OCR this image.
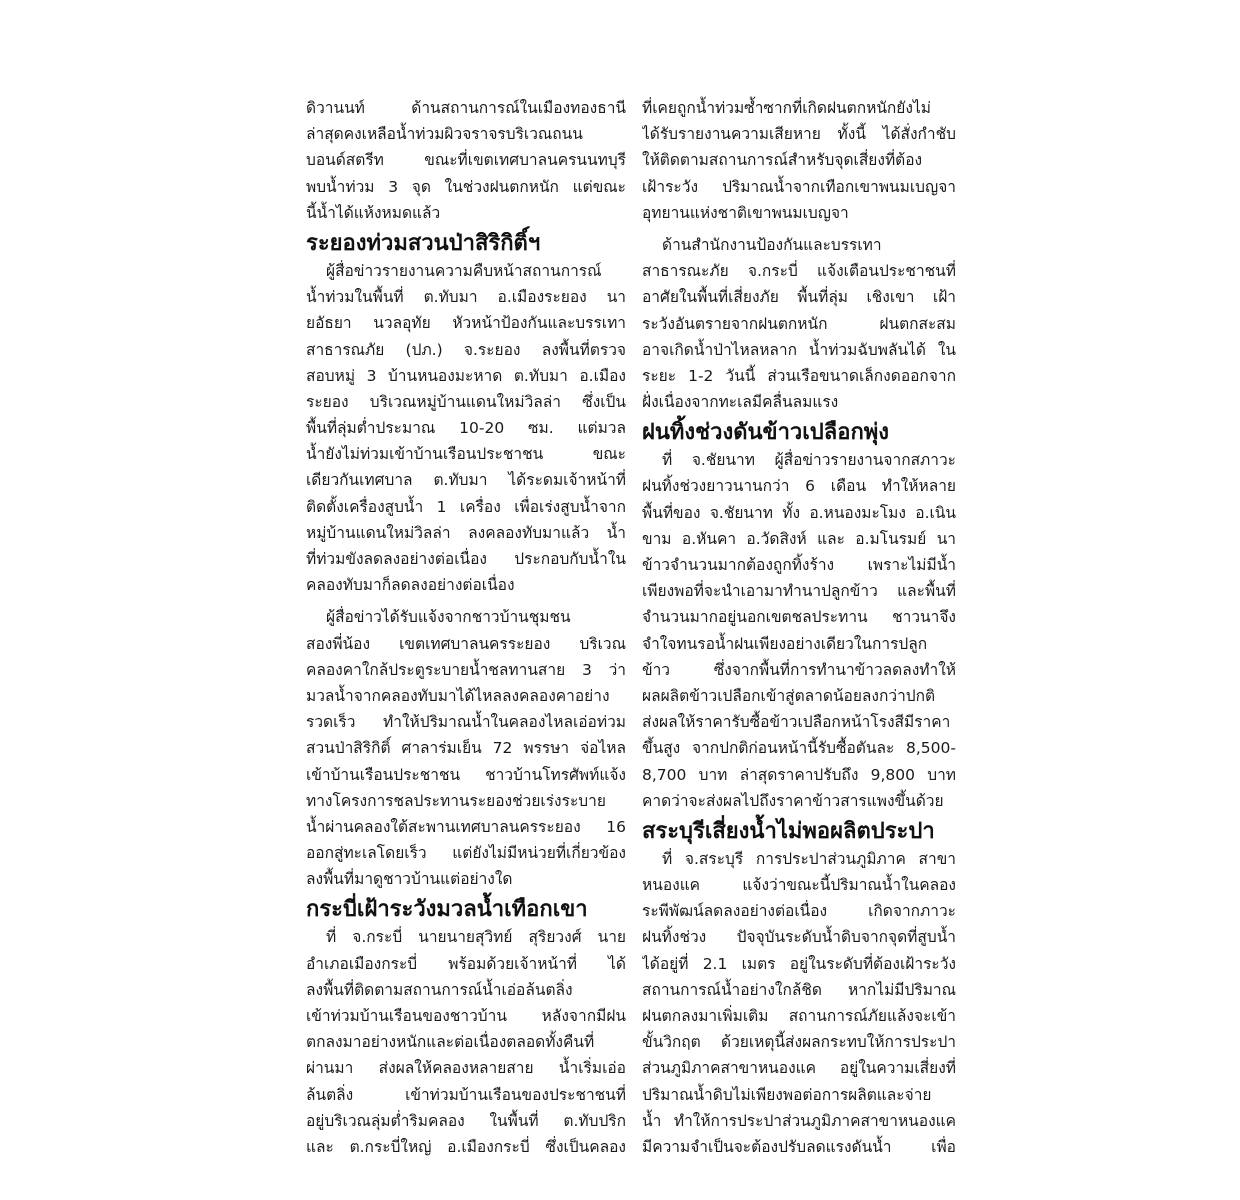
ดิวานนท์ ด้านสถานการณ์ในเมืองทองธานี
ล่าสุดคงเหลือน้ำท่วมผิวจราจรบริเวณถนน
บอนด์สตรีท ขณะที่เขตเทศบาลนครนนทบุรี
พบน้ำท่วม 3 จุด ในช่วงฝนตกหนัก แต่ขณะ
นี้น้ำได้แห้งหมดแล้ว
ระยองท่วมสวนป่าสิริกิติ์ฯ
ผู้สื่อข่าวรายงานความคืบหน้าสถานการณ์
น้ำท่วมในพื้นที่ ต.ทับมา อ.เมืองระยอง นา
ยอัธยา นวลอุทัย หัวหน้าป้องกันและบรรเทา
สาธารณภัย (ปภ.) จ.ระยอง ลงพื้นที่ตรวจ
สอบหมู่ 3 บ้านหนองมะหาด ต.ทับมา อ.เมือง
ระยอง บริเวณหมู่บ้านแดนใหม่วิลล่า ซึ่งเป็น
พื้นที่ลุ่มต่ำประมาณ 10-20 ซม. แต่มวล
น้ำยังไม่ท่วมเข้าบ้านเรือนประชาชน ขณะ
เดียวกันเทศบาล ต.ทับมา ได้ระดมเจ้าหน้าที่
ติดตั้งเครื่องสูบน้ำ 1 เครื่อง เพื่อเร่งสูบน้ำจาก
หมู่บ้านแดนใหม่วิลล่า ลงคลองทับมาแล้ว น้ำ
ที่ท่วมขังลดลงอย่างต่อเนื่อง ประกอบกับน้ำใน
คลองทับมาก็ลดลงอย่างต่อเนื่อง
ผู้สื่อข่าวได้รับแจ้งจากชาวบ้านชุมชน
สองพี่น้อง เขตเทศบาลนครระยอง บริเวณ
คลองคาใกล้ประตูระบายน้ำชลทานสาย 3 ว่า
มวลน้ำจากคลองทับมาได้ไหลลงคลองคาอย่าง
รวดเร็ว ทำให้ปริมาณน้ำในคลองไหลเอ่อท่วม
สวนป่าสิริกิติ์ ศาลาร่มเย็น 72 พรรษา จ่อไหล
เข้าบ้านเรือนประชาชน ชาวบ้านโทรศัพท์แจ้ง
ทางโครงการชลประทานระยองช่วยเร่งระบาย
น้ำผ่านคลองใต้สะพานเทศบาลนครระยอง 16
ออกสู่ทะเลโดยเร็ว แต่ยังไม่มีหน่วยที่เกี่ยวข้อง
ลงพื้นที่มาดูชาวบ้านแต่อย่างใด
กระบี่เฝ้าระวังมวลน้ำเทือกเขา
ที่ จ.กระบี่ นายนายสุวิทย์ สุริยวงศ์ นาย
อำเภอเมืองกระบี่ พร้อมด้วยเจ้าหน้าที่ ได้
ลงพื้นที่ติดตามสถานการณ์น้ำเอ่อล้นตลิ่ง
เข้าท่วมบ้านเรือนของชาวบ้าน หลังจากมีฝน
ตกลงมาอย่างหนักและต่อเนื่องตลอดทั้งคืนที่
ผ่านมา ส่งผลให้คลองหลายสาย น้ำเริ่มเอ่อ
ล้นตลิ่ง เข้าท่วมบ้านเรือนของประชาชนที่
อยู่บริเวณลุ่มต่ำริมคลอง ในพื้นที่ ต.ทับปริก
และ ต.กระบี่ใหญ่ อ.เมืองกระบี่ ซึ่งเป็นคลอง
ที่เคยถูกน้ำท่วมซ้ำซากที่เกิดฝนตกหนักยังไม่
ได้รับรายงานความเสียหาย ทั้งนี้ ได้สั่งกำชับ
ให้ติดตามสถานการณ์สำหรับจุดเสี่ยงที่ต้อง
เฝ้าระวัง ปริมาณน้ำจากเทือกเขาพนมเบญจา
อุทยานแห่งชาติเขาพนมเบญจา
ด้านสำนักงานป้องกันและบรรเทา
สาธารณะภัย จ.กระบี่ แจ้งเตือนประชาชนที่
อาศัยในพื้นที่เสี่ยงภัย พื้นที่ลุ่ม เชิงเขา เฝ้า
ระวังอันตรายจากฝนตกหนัก ฝนตกสะสม
อาจเกิดน้ำป่าไหลหลาก น้ำท่วมฉับพลันได้ ใน
ระยะ 1-2 วันนี้ ส่วนเรือขนาดเล็กงดออกจาก
ฝั่งเนื่องจากทะเลมีคลื่นลมแรง
ฝนทิ้งช่วงดันข้าวเปลือกพุ่ง
ที่ จ.ชัยนาท ผู้สื่อข่าวรายงานจากสภาวะ
ฝนทิ้งช่วงยาวนานกว่า 6 เดือน ทำให้หลาย
พื้นที่ของ จ.ชัยนาท ทั้ง อ.หนองมะโมง อ.เนิน
ขาม อ.หันคา อ.วัดสิงห์ และ อ.มโนรมย์ นา
ข้าวจำนวนมากต้องถูกทิ้งร้าง เพราะไม่มีน้ำ
เพียงพอที่จะนำเอามาทำนาปลูกข้าว และพื้นที่
จำนวนมากอยู่นอกเขตชลประทาน ชาวนาจึง
จำใจทนรอน้ำฝนเพียงอย่างเดียวในการปลูก
ข้าว ซึ่งจากพื้นที่การทำนาข้าวลดลงทำให้
ผลผลิตข้าวเปลือกเข้าสู่ตลาดน้อยลงกว่าปกติ
ส่งผลให้ราคารับซื้อข้าวเปลือกหน้าโรงสีมีราคา
ขึ้นสูง จากปกติก่อนหน้านี้รับซื้อตันละ 8,500-
8,700 บาท ล่าสุดราคาปรับถึง 9,800 บาท
คาดว่าจะส่งผลไปถึงราคาข้าวสารแพงขึ้นด้วย
สระบุรีเสี่ยงน้ำไม่พอผลิตประปา
ที่ จ.สระบุรี การประปาส่วนภูมิภาค สาขา
หนองแค แจ้งว่าขณะนี้ปริมาณน้ำในคลอง
ระพีพัฒน์ลดลงอย่างต่อเนื่อง เกิดจากภาวะ
ฝนทิ้งช่วง ปัจจุบันระดับน้ำดิบจากจุดที่สูบน้ำ
ได้อยู่ที่ 2.1 เมตร อยู่ในระดับที่ต้องเฝ้าระวัง
สถานการณ์น้ำอย่างใกล้ชิด หากไม่มีปริมาณ
ฝนตกลงมาเพิ่มเติม สถานการณ์ภัยแล้งจะเข้า
ขั้นวิกฤต ด้วยเหตุนี้ส่งผลกระทบให้การประปา
ส่วนภูมิภาคสาขาหนองแค อยู่ในความเสี่ยงที่
ปริมาณน้ำดิบไม่เพียงพอต่อการผลิตและจ่าย
น้ำ ทำให้การประปาส่วนภูมิภาคสาขาหนองแค
มีความจำเป็นจะต้องปรับลดแรงดันน้ำ เพื่อ
